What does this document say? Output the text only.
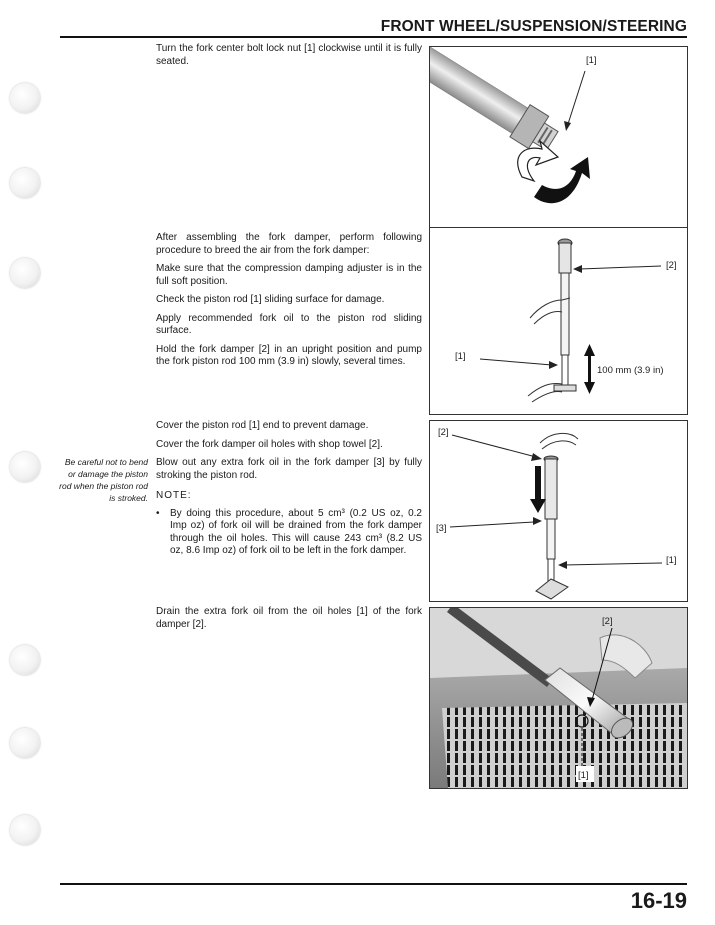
FRONT WHEEL/SUSPENSION/STEERING

Turn the fork center bolt lock nut [1] clockwise until it is fully seated.	[1]

After assembling the fork damper, perform following procedure to breed the air from the fork damper:

Make sure that the compression damping adjuster is in the full soft position.

Check the piston rod [1] sliding surface for damage.

Apply recommended fork oil to the piston rod sliding surface.

Hold the fork damper [2] in an upright position and pump the fork piston rod 100 mm (3.9 in) slowly, several times.

[2]
[1]
100 mm (3.9 in)

Cover the piston rod [1] end to prevent damage.

Cover the fork damper oil holes with shop towel [2].

Blow out any extra fork oil in the fork damper [3] by fully stroking the piston rod.

NOTE:

•	By doing this procedure, about 5 cm³ (0.2 US oz, 0.2 Imp oz) of fork oil will be drained from the fork damper through the oil holes. This will cause 243 cm³ (8.2 US oz, 8.6 Imp oz) of fork oil to be left in the fork damper.
Be careful not to bend or damage the piston rod when the piston rod is stroked.
[2]
[3]
[1]

Drain the extra fork oil from the oil holes [1] of the fork damper [2].	[2]
[1]
16-19
